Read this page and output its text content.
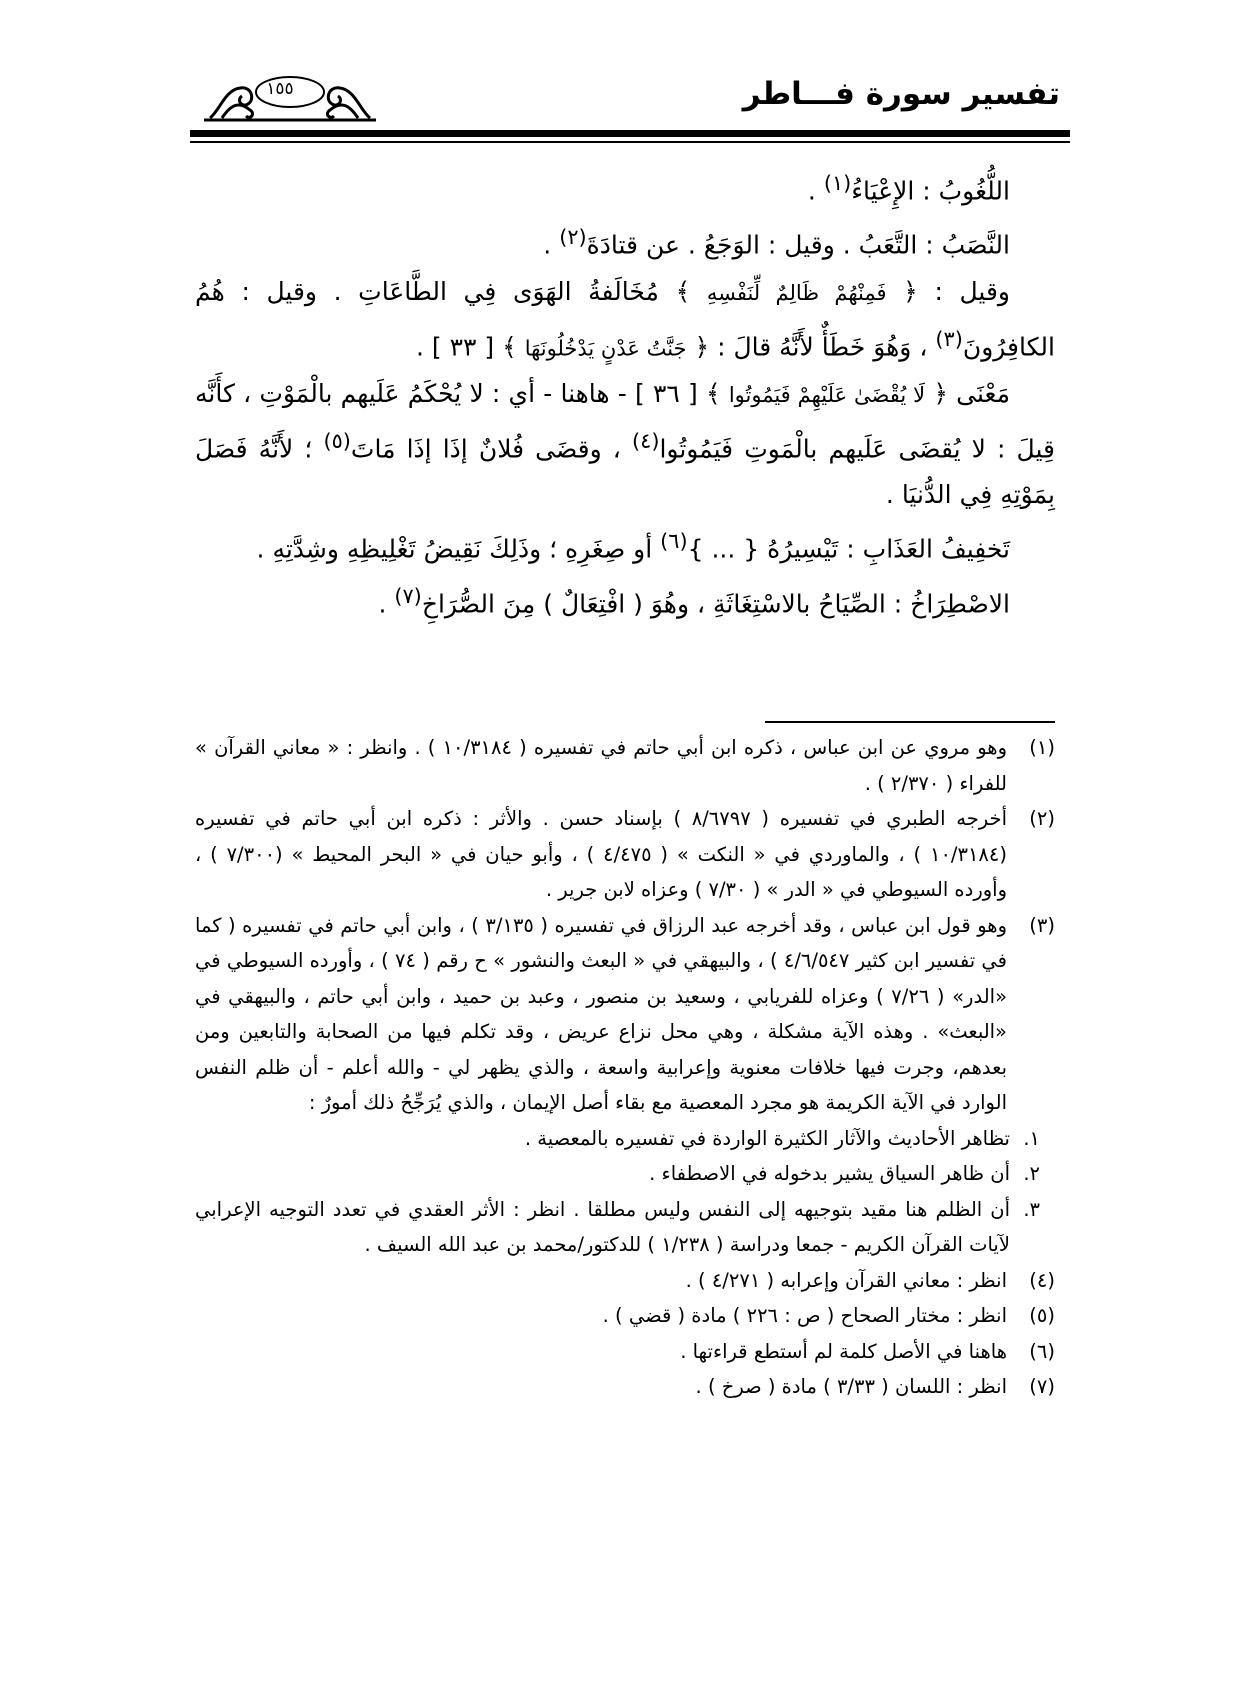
تفسير سورة فـــاطر
١٥٥

اللُّغُوبُ : الإِعْيَاءُ$^{(١)}$ .

النَّصَبُ : التَّعَبُ . وقيل : الوَجَعُ . عن قتادَةَ$^{(٢)}$ .

وقيل : ﴿ فَمِنْهُمْ ظَالِمٌ لِّنَفْسِهِ ﴾ مُخَالَفةُ الهَوَى فِي الطَّاعَاتِ . وقيل : هُمُ الكافِرُونَ$^{(٣)}$ ، وَهُوَ خَطَأٌ لأَنَّهُ قالَ : ﴿ جَنَّتُ عَدْنٍ يَدْخُلُونَهَا ﴾ [ ٣٣ ] .

مَعْنَى ﴿ لَا يُقْضَىٰ عَلَيْهِمْ فَيَمُوتُوا ﴾ [ ٣٦ ] - هاهنا - أي : لا يُحْكَمُ عَلَيهم بالْمَوْتِ ، كأَنَّه قِيلَ : لا يُقضَى عَلَيهم بالْمَوتِ فَيَمُوتُوا$^{(٤)}$ ، وقضَى فُلانٌ إذَا إذَا مَاتَ$^{(٥)}$ ؛ لأَنَّهُ فَصَلَ بِمَوْتِهِ فِي الدُّنيَا .

تَخفِيفُ العَذَابِ : تَيْسِيرُهُ { ... }$^{(٦)}$ أو صِغَرِهِ ؛ وذَلِكَ نَقِيضُ تَغْلِيظِهِ وشِدَّتِهِ .

الاصْطِرَاخُ : الصِّيَاحُ بالاسْتِغَاثَةِ ، وهُوَ ( افْتِعَالٌ ) مِنَ الصُّرَاخِ$^{(٧)}$ .

(١)
وهو مروي عن ابن عباس ، ذكره ابن أبي حاتم في تفسيره ( ١٠/٣١٨٤ ) . وانظر : « معاني القرآن » للفراء ( ٢/٣٧٠ ) .
(٢)
أخرجه الطبري في تفسيره ( ٨/٦٧٩٧ ) بإسناد حسن . والأثر : ذكره ابن أبي حاتم في تفسيره (١٠/٣١٨٤ ) ، والماوردي في « النكت » ( ٤/٤٧٥ ) ، وأبو حيان في « البحر المحيط » (٧/٣٠٠ ) ، وأورده السيوطي في « الدر » ( ٧/٣٠ ) وعزاه لابن جرير .
(٣)
وهو قول ابن عباس ، وقد أخرجه عبد الرزاق في تفسيره ( ٣/١٣٥ ) ، وابن أبي حاتم في تفسيره ( كما في تفسير ابن كثير ٤/٦/٥٤٧ ) ، والبيهقي في « البعث والنشور » ح رقم ( ٧٤ ) ، وأورده السيوطي في «الدر» ( ٧/٢٦ ) وعزاه للفريابي ، وسعيد بن منصور ، وعبد بن حميد ، وابن أبي حاتم ، والبيهقي في «البعث» . وهذه الآية مشكلة ، وهي محل نزاع عريض ، وقد تكلم فيها من الصحابة والتابعين ومن بعدهم، وجرت فيها خلافات معنوية وإعرابية واسعة ، والذي يظهر لي - والله أعلم - أن ظلم النفس الوارد في الآية الكريمة هو مجرد المعصية مع بقاء أصل الإيمان ، والذي يُرَجِّحُ ذلك أمورٌ :
١.
تظاهر الأحاديث والآثار الكثيرة الواردة في تفسيره بالمعصية .
٢.
أن ظاهر السياق يشير بدخوله في الاصطفاء .
٣.
أن الظلم هنا مقيد بتوجيهه إلى النفس وليس مطلقا . انظر : الأثر العقدي في تعدد التوجيه الإعرابي لآيات القرآن الكريم - جمعا ودراسة ( ١/٢٣٨ ) للدكتور/محمد بن عبد الله السيف .
(٤)
انظر : معاني القرآن وإعرابه ( ٤/٢٧١ ) .
(٥)
انظر : مختار الصحاح ( ص : ٢٢٦ ) مادة ( قضي ) .
(٦)
هاهنا في الأصل كلمة لم أستطع قراءتها .
(٧)
انظر : اللسان ( ٣/٣٣ ) مادة ( صرخ ) .
